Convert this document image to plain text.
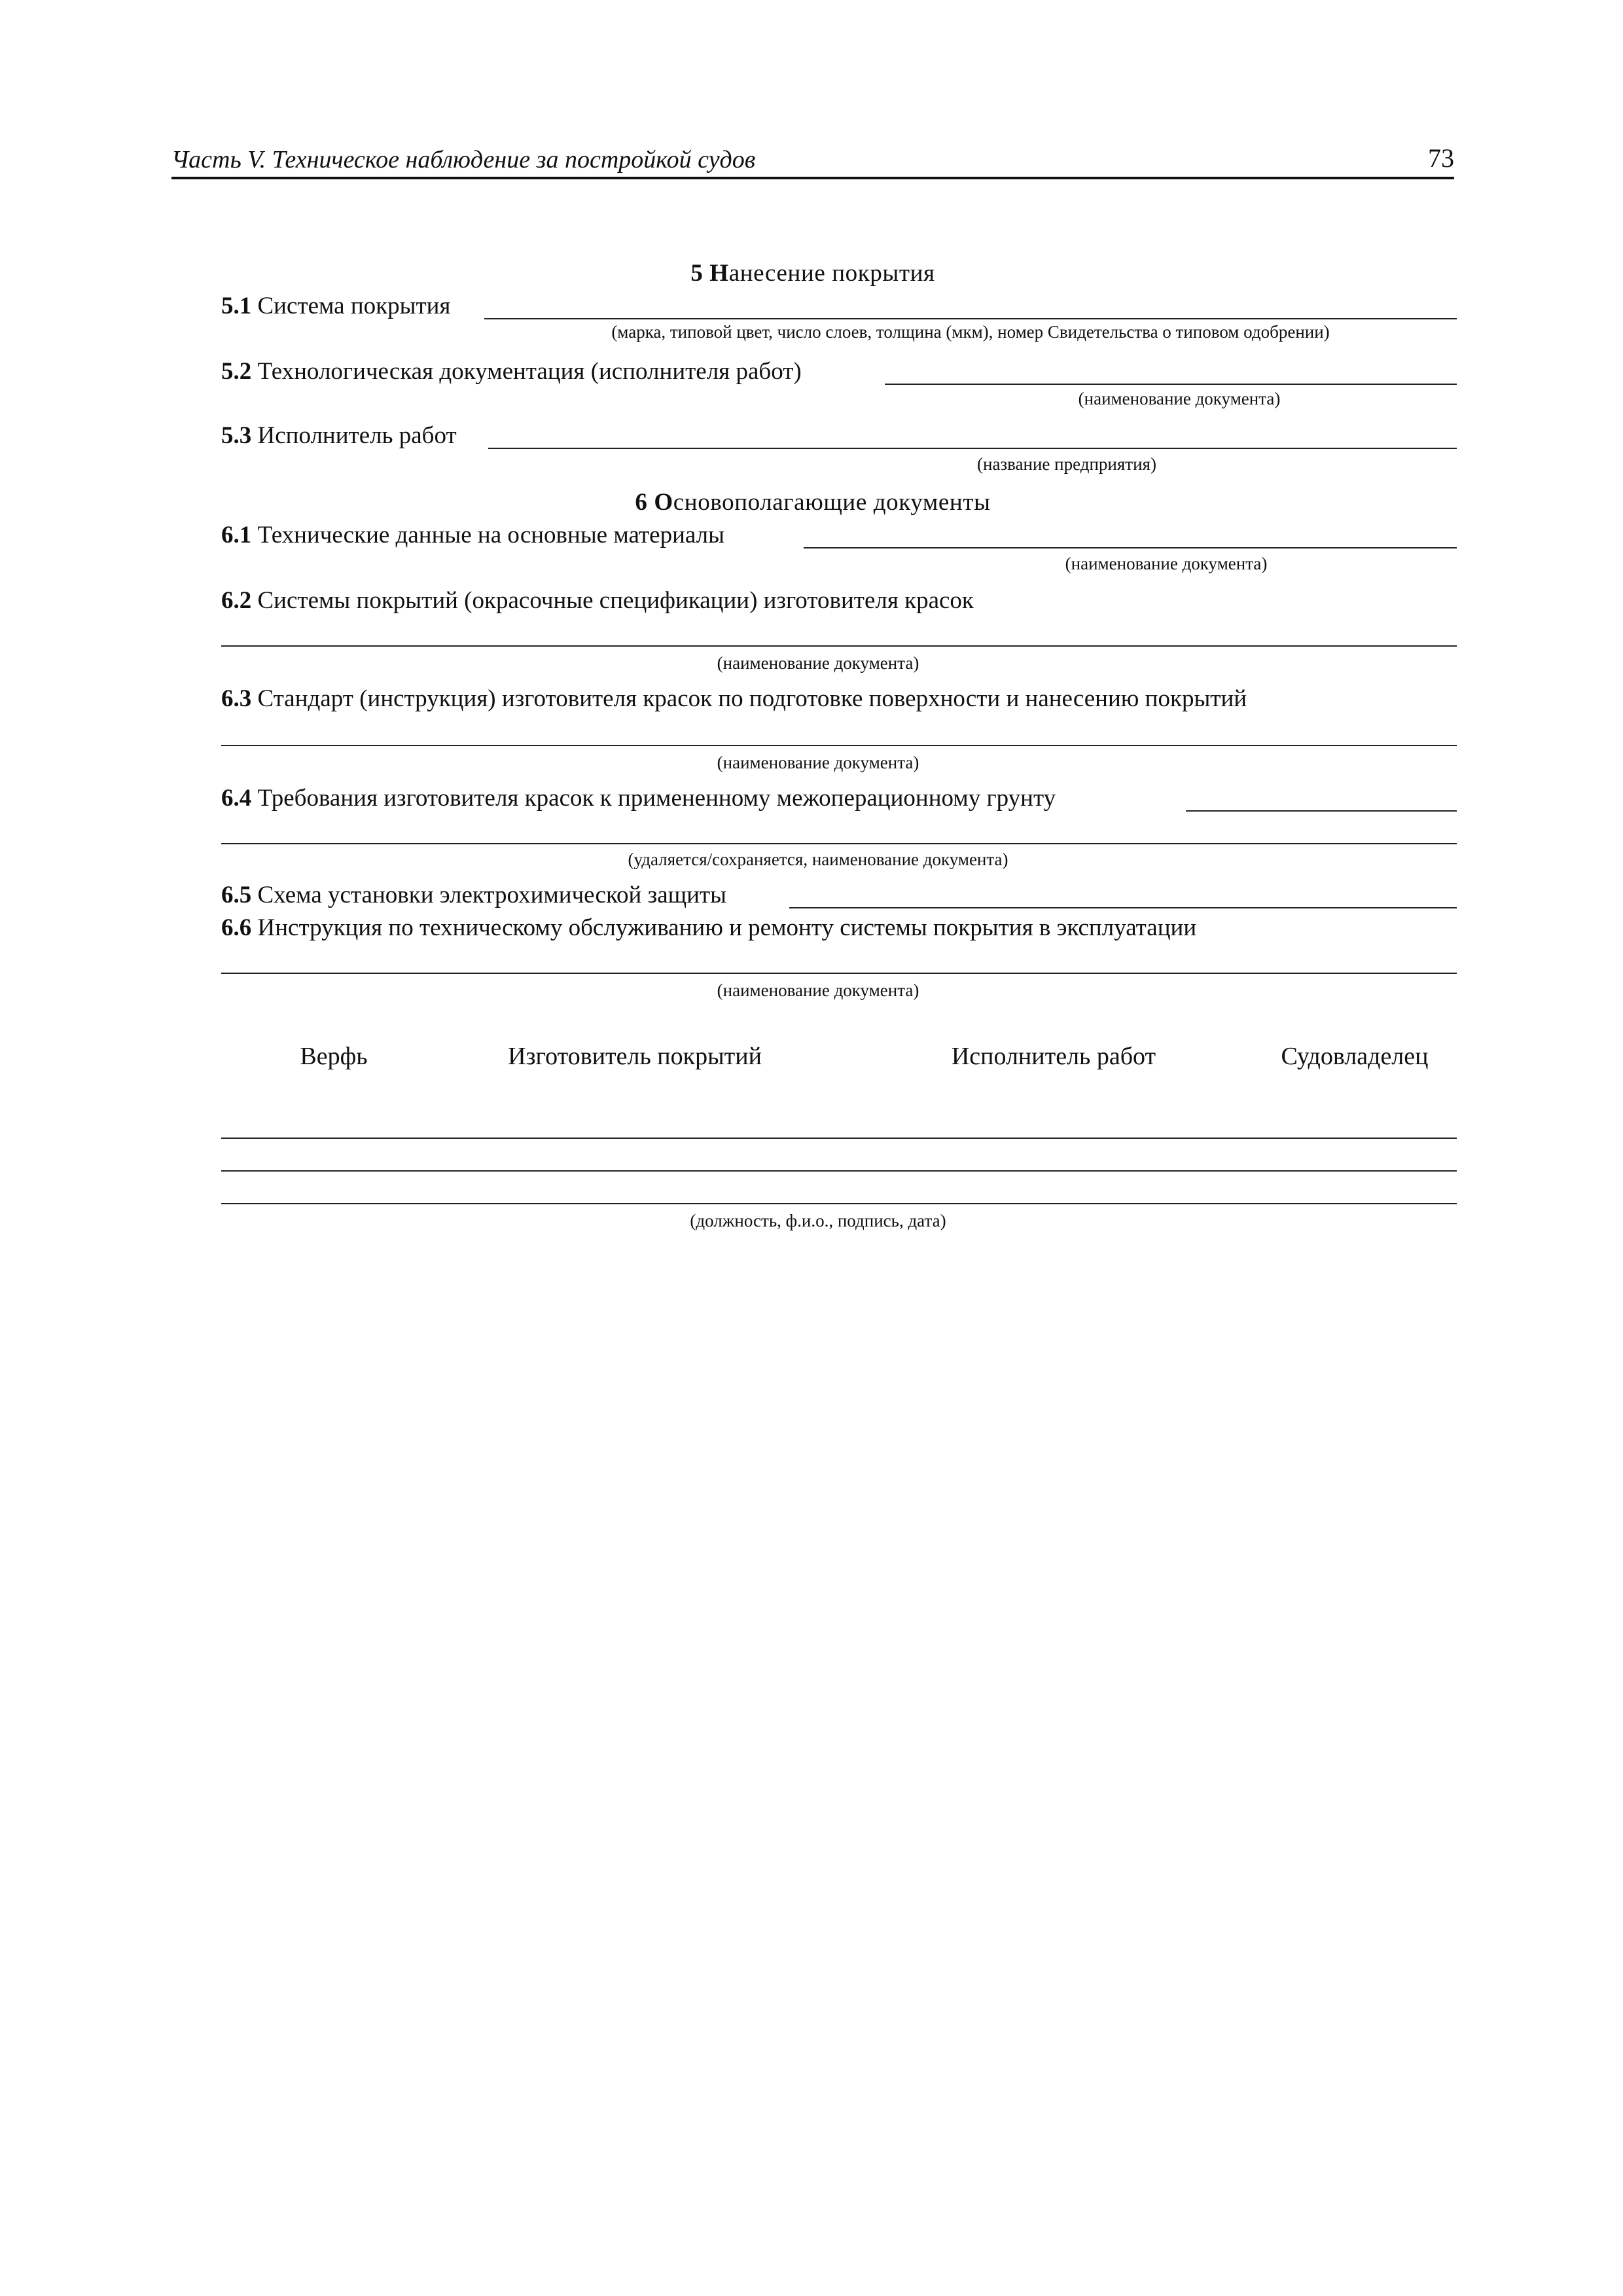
Часть V. Техническое наблюдение за постройкой судов	73
5 Нанесение покрытия
5.1 Система покрытия
(марка, типовой цвет, число слоев, толщина (мкм), номер Свидетельства о типовом одобрении)
5.2 Технологическая документация (исполнителя работ)
(наименование документа)
5.3 Исполнитель работ
(название предприятия)
6 Основополагающие документы
6.1 Технические данные на основные материалы
(наименование документа)
6.2 Системы покрытий (окрасочные спецификации) изготовителя красок
(наименование документа)
6.3 Стандарт (инструкция) изготовителя красок по подготовке поверхности и нанесению покрытий
(наименование документа)
6.4 Требования изготовителя красок к примененному межоперационному грунту
(удаляется/сохраняется, наименование документа)
6.5 Схема установки электрохимической защиты
6.6 Инструкция по техническому обслуживанию и ремонту системы покрытия в эксплуатации
(наименование документа)
Верфь	Изготовитель покрытий	Исполнитель работ	Судовладелец
(должность, ф.и.о., подпись, дата)
